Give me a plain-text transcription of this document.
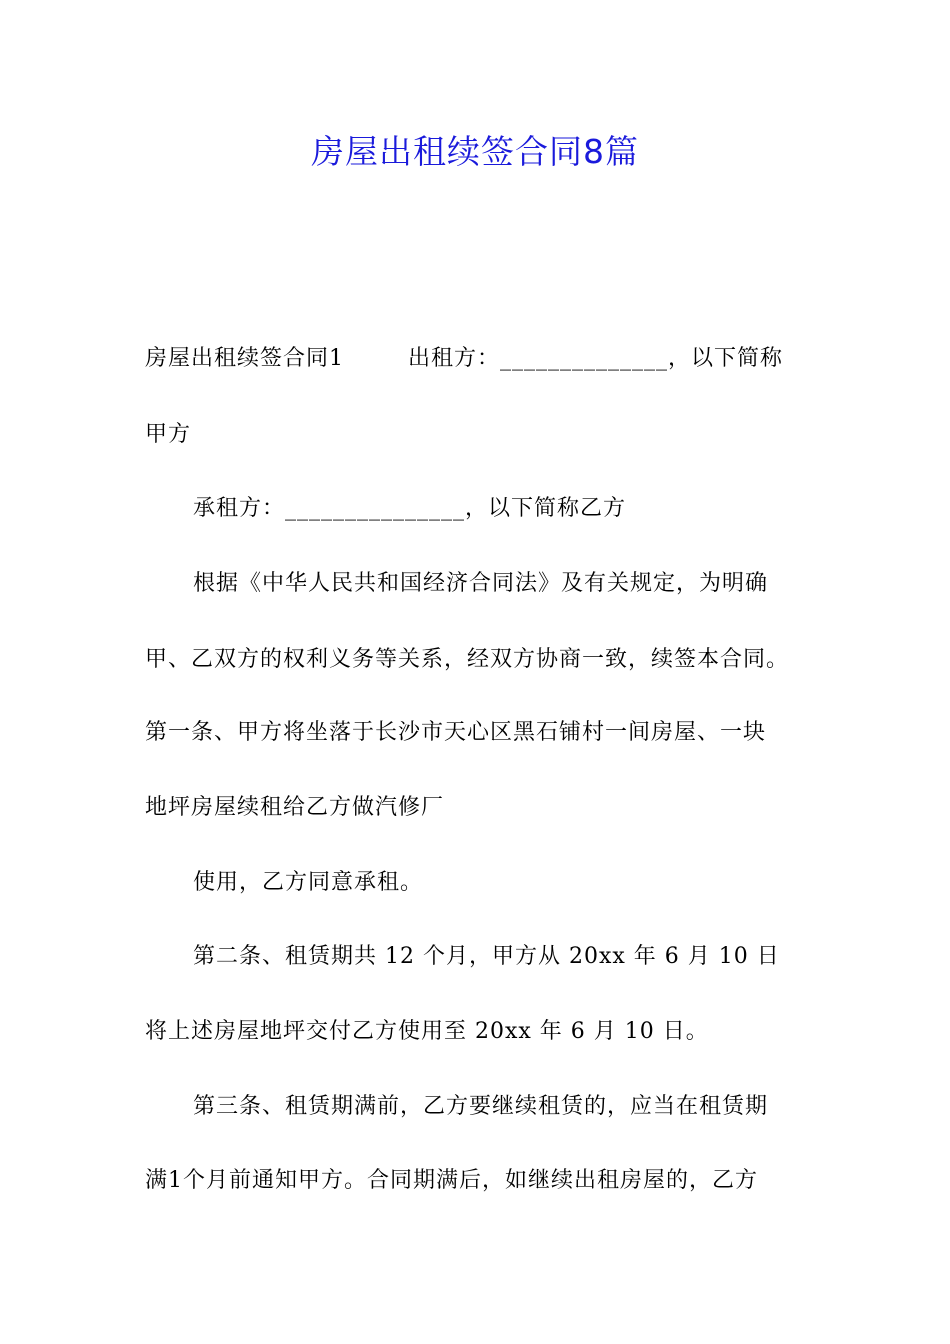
房屋出租续签合同8篇
房屋出租续签合同1        出租方：______________，以下简称
甲方
承租方：_______________，以下简称乙方
根据《中华人民共和国经济合同法》及有关规定，为明确
甲、乙双方的权利义务等关系，经双方协商一致，续签本合同。
第一条、甲方将坐落于长沙市天心区黑石铺村一间房屋、一块
地坪房屋续租给乙方做汽修厂
使用，乙方同意承租。
第二条、租赁期共 12 个月，甲方从 20xx 年 6 月 10 日
将上述房屋地坪交付乙方使用至 20xx 年 6 月 10 日。
第三条、租赁期满前，乙方要继续租赁的，应当在租赁期
满1个月前通知甲方。合同期满后，如继续出租房屋的，乙方
